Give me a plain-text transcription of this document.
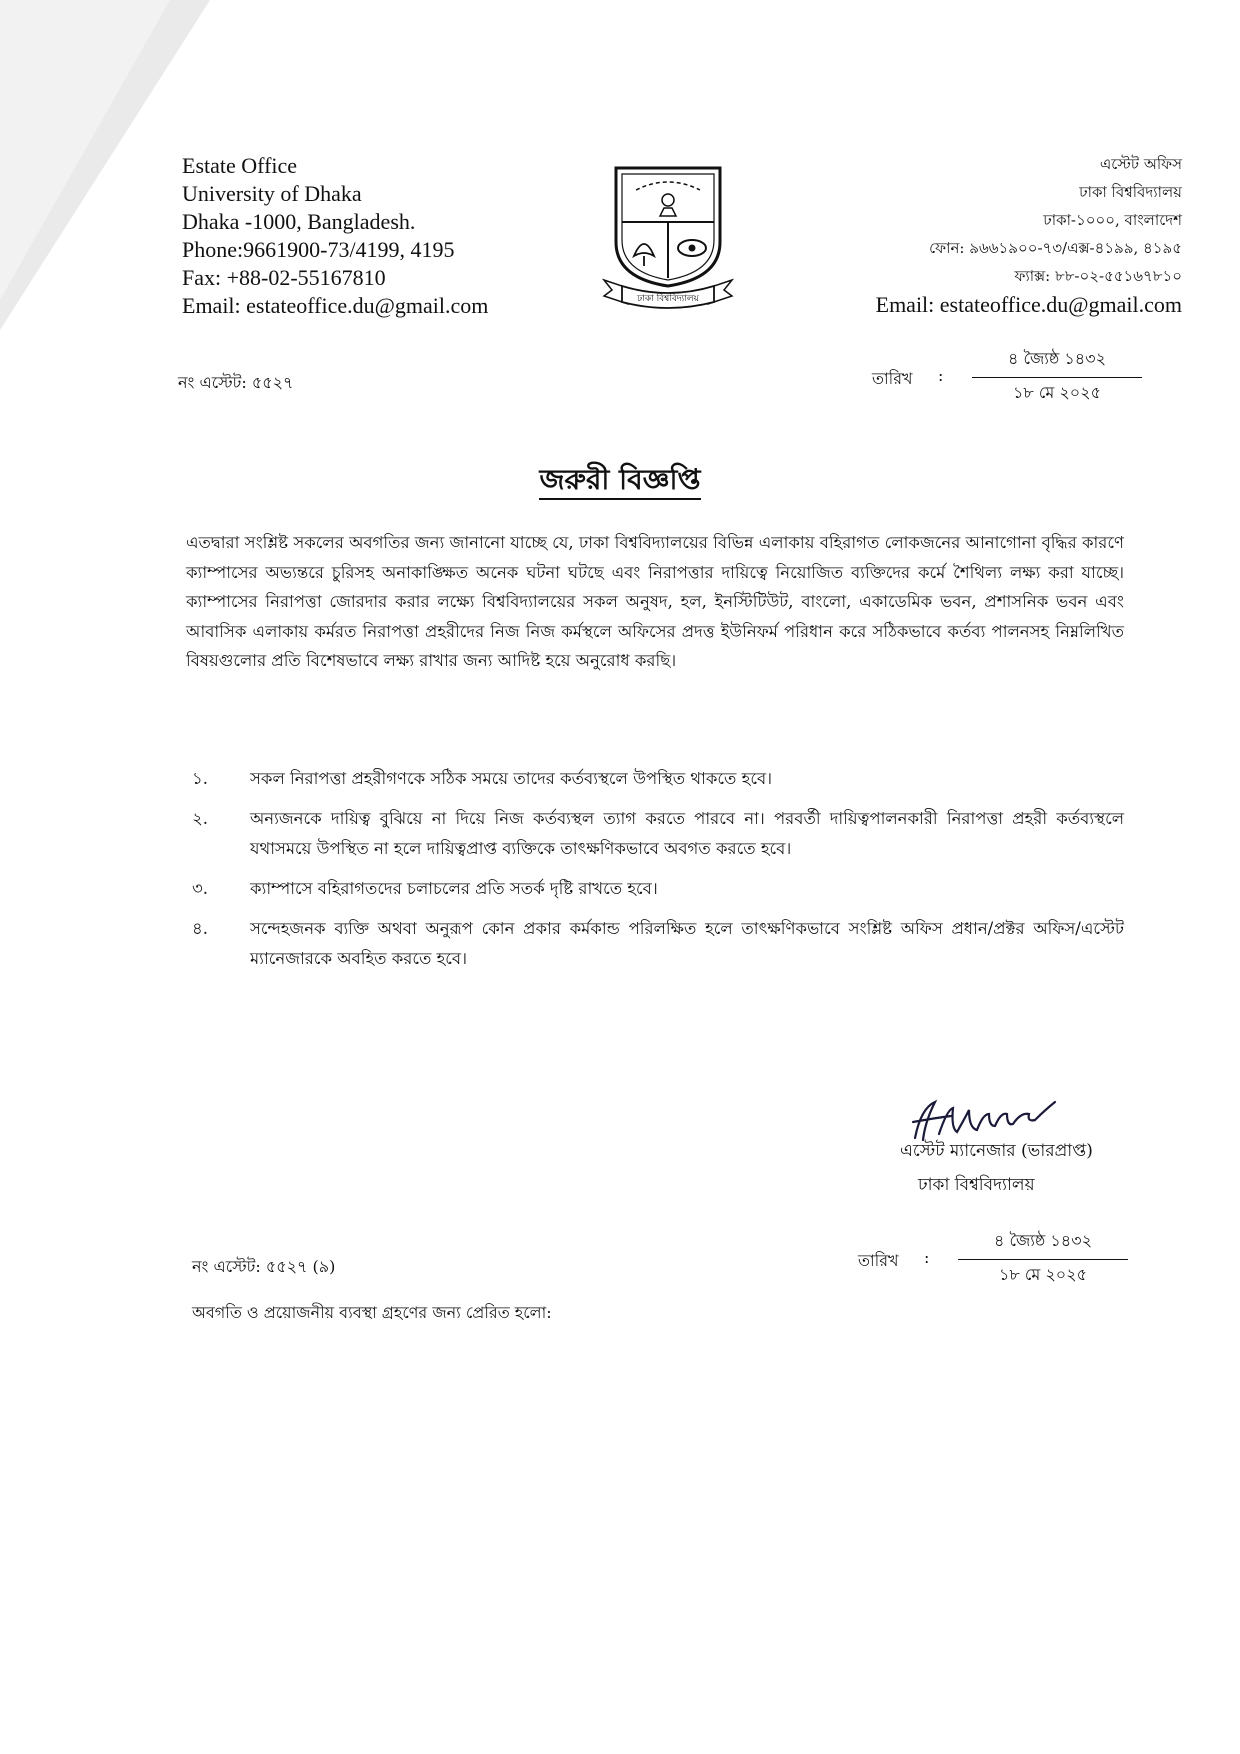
Estate Office
University of Dhaka
Dhaka -1000, Bangladesh.
Phone:9661900-73/4199, 4195
Fax: +88-02-55167810
Email: estateoffice.du@gmail.com	ঢাকা বিশ্ববিদ্যালয়
এস্টেট অফিস
ঢাকা বিশ্ববিদ্যালয়
ঢাকা-১০০০, বাংলাদেশ
ফোন: ৯৬৬১৯০০-৭৩/এক্স-৪১৯৯, ৪১৯৫
ফ্যাক্স: ৮৮-০২-৫৫১৬৭৮১০
Email: estateoffice.du@gmail.com
নং এস্টেট: ৫৫২৭	তারিখ :
৪ জ্যৈষ্ঠ ১৪৩২
১৮ মে ২০২৫
জরুরী বিজ্ঞপ্তি
এতদ্বারা সংশ্লিষ্ট সকলের অবগতির জন্য জানানো যাচ্ছে যে, ঢাকা বিশ্ববিদ্যালয়ের বিভিন্ন এলাকায় বহিরাগত লোকজনের আনাগোনা বৃদ্ধির কারণে ক্যাম্পাসের অভ্যন্তরে চুরিসহ অনাকাঙ্ক্ষিত অনেক ঘটনা ঘটছে এবং নিরাপত্তার দায়িত্বে নিয়োজিত ব্যক্তিদের কর্মে শৈথিল্য লক্ষ্য করা যাচ্ছে। ক্যাম্পাসের নিরাপত্তা জোরদার করার লক্ষ্যে বিশ্ববিদ্যালয়ের সকল অনুষদ, হল, ইনস্টিটিউট, বাংলো, একাডেমিক ভবন, প্রশাসনিক ভবন এবং আবাসিক এলাকায় কর্মরত নিরাপত্তা প্রহরীদের নিজ নিজ কর্মস্থলে অফিসের প্রদত্ত ইউনিফর্ম পরিধান করে সঠিকভাবে কর্তব্য পালনসহ নিম্নলিখিত বিষয়গুলোর প্রতি বিশেষভাবে লক্ষ্য রাখার জন্য আদিষ্ট হয়ে অনুরোধ করছি।
১.	সকল নিরাপত্তা প্রহরীগণকে সঠিক সময়ে তাদের কর্তব্যস্থলে উপস্থিত থাকতে হবে।
২.	অন্যজনকে দায়িত্ব বুঝিয়ে না দিয়ে নিজ কর্তব্যস্থল ত্যাগ করতে পারবে না। পরবর্তী দায়িত্বপালনকারী নিরাপত্তা প্রহরী কর্তব্যস্থলে যথাসময়ে উপস্থিত না হলে দায়িত্বপ্রাপ্ত ব্যক্তিকে তাৎক্ষণিকভাবে অবগত করতে হবে।
৩.	ক্যাম্পাসে বহিরাগতদের চলাচলের প্রতি সতর্ক দৃষ্টি রাখতে হবে।
৪.	সন্দেহজনক ব্যক্তি অথবা অনুরূপ কোন প্রকার কর্মকান্ড পরিলক্ষিত হলে তাৎক্ষণিকভাবে সংশ্লিষ্ট অফিস প্রধান/প্রক্টর অফিস/এস্টেট ম্যানেজারকে অবহিত করতে হবে।
এস্টেট ম্যানেজার (ভারপ্রাপ্ত)
ঢাকা বিশ্ববিদ্যালয়
নং এস্টেট: ৫৫২৭ (৯)	তারিখ :
৪ জ্যৈষ্ঠ ১৪৩২
১৮ মে ২০২৫
অবগতি ও প্রয়োজনীয় ব্যবস্থা গ্রহণের জন্য প্রেরিত হলো:
